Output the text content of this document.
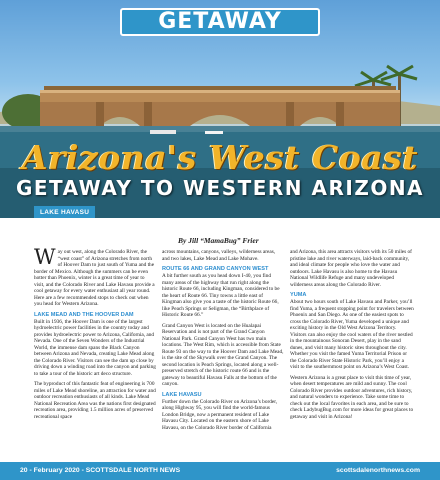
GETAWAY
Arizona's West Coast
GETAWAY TO WESTERN ARIZONA
LAKE HAVASU
By Jill “MamaBug” Frier

Way out west, along the Colorado River, the “west coast” of Arizona stretches from north of Hoover Dam to just south of Yuma and the border of Mexico. Although the summers can be even hotter than Phoenix, winter is a great time of year to visit, and the Colorado River and Lake Havasu provide a cool getaway for every water enthusiast all year round. Here are a few recommended stops to check out when you head for Western Arizona.

LAKE MEAD AND THE HOOVER DAM

Built in 1936, the Hoover Dam is one of the largest hydroelectric power facilities in the country today and provides hydroelectric power to Arizona, California, and Nevada. One of the Seven Wonders of the Industrial World, the immense dam spans the Black Canyon between Arizona and Nevada, creating Lake Mead along the Colorado River. Visitors can see the dam up close by driving down a winding road into the canyon and parking to take a tour of the historic art deco structure.

The byproduct of this fantastic feat of engineering is 700 miles of Lake Mead shoreline, an attraction for water and outdoor recreation enthusiasts of all kinds. Lake Mead National Recreation Area was the nations first designated recreation area, providing 1.5 million acres of preserved recreational space

across mountains, canyons, valleys, wilderness areas, and two lakes, Lake Mead and Lake Mohave.

ROUTE 66 AND GRAND CANYON WEST

A bit further south as you head down I-40, you find many areas of the highway that run right along the historic Route 66, including Kingman, considered to be the heart of Route 66. Tiny towns a little east of Kingman also give you a taste of the historic Route 66, like Peach Springs or Seligman, the “Birthplace of Historic Route 66.”

Grand Canyon West is located on the Hualapai Reservation and is not part of the Grand Canyon National Park. Grand Canyon West has two main locations. The West Rim, which is accessible from State Route 93 on the way to the Hoover Dam and Lake Mead, is the site of the Skywalk over the Grand Canyon. The second location is Peach Springs, located along a well-preserved stretch of the historic route 66 and is the gateway to beautiful Havasu Falls at the bottom of the canyon.

LAKE HAVASU

Further down the Colorado River on Arizona’s border, along Highway 95, you will find the world-famous London Bridge, now a permanent resident of Lake Havasu City. Located on the eastern shore of Lake Havasu, on the Colorado River border of California

and Arizona, this area attracts visitors with its 50 miles of pristine lake and river waterways, laid-back community, and ideal climate for people who love the water and outdoors. Lake Havasu is also home to the Havasu National Wildlife Refuge and many undeveloped wilderness areas along the Colorado River.

YUMA

About two hours south of Lake Havasu and Parker, you’ll find Yuma, a frequent stopping point for travelers between Phoenix and San Diego. As one of the easiest spots to cross the Colorado River, Yuma developed a unique and exciting history in the Old West Arizona Territory. Visitors can also enjoy the cool waters of the river nestled in the mountainous Sonoran Desert, play in the sand dunes, and visit many historic sites throughout the city. Whether you visit the famed Yuma Territorial Prison or the Colorado River State Historic Park, you’ll enjoy a visit to the southernmost point on Arizona’s West Coast.

Western Arizona is a great place to visit this time of year, when desert temperatures are mild and sunny. The cool Colorado River provides outdoor adventures, rich history, and natural wonders to experience. Take some time to check out the local favorites in each area, and be sure to check LadybugBug.com for more ideas for great places to getaway and visit in Arizona!

20 - February 2020 - SCOTTSDALE NORTH NEWS	scottsdalenorthnews.com
